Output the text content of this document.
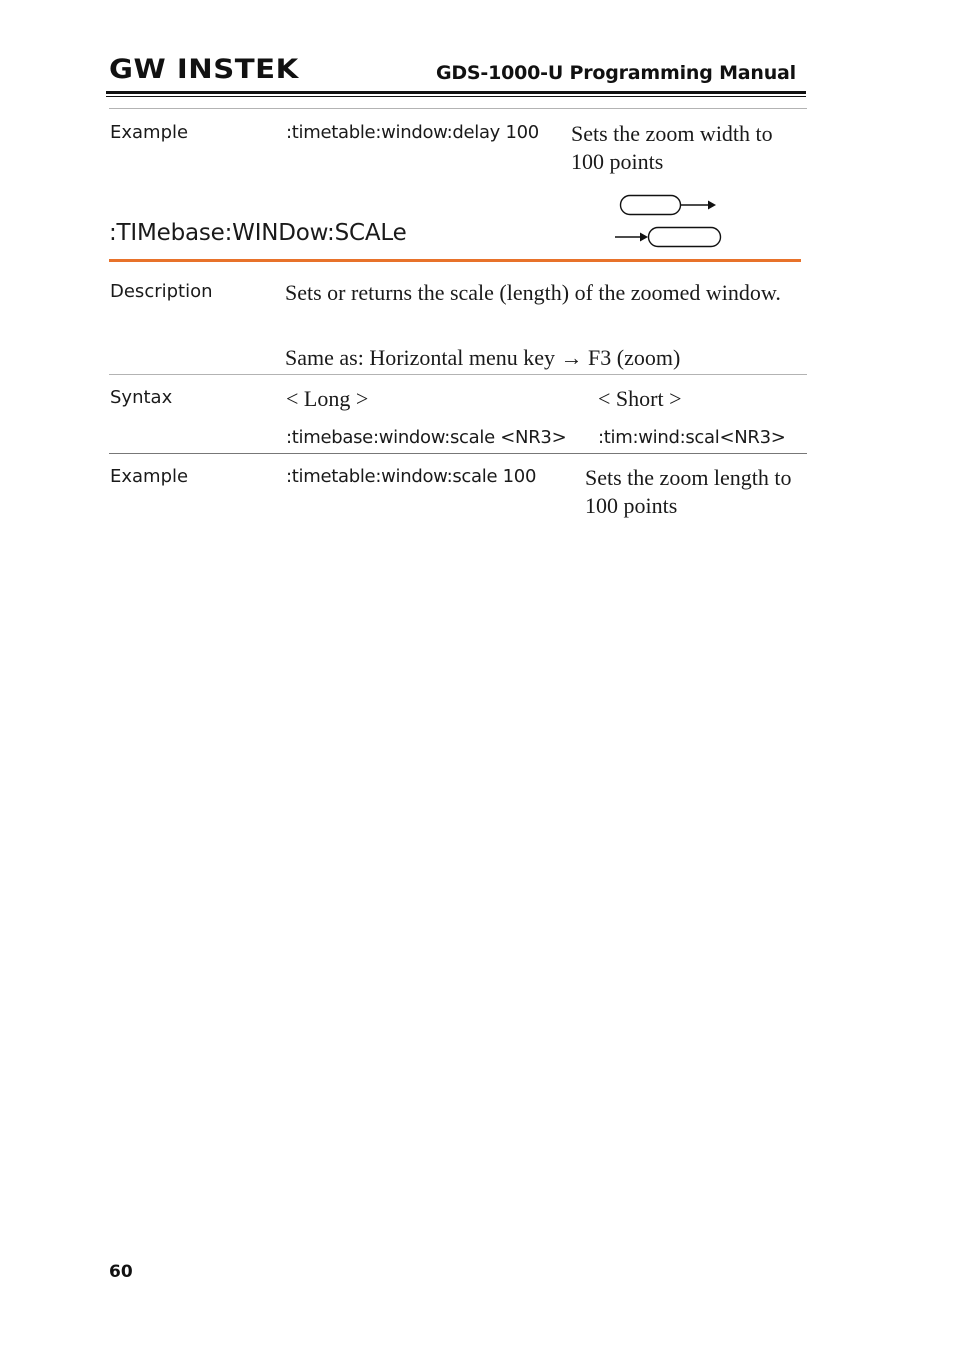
GW INSTEK	GDS-1000-U Programming Manual
Example	:timetable:window:delay 100 Sets the zoom width to 100 points
:TIMebase:WINDow:SCALe
Description	Sets or returns the scale (length) of the zoomed window.
Same as: Horizontal menu key → F3 (zoom)
Syntax	< Long >	< Short >
:timebase:window:scale <NR3> :tim:wind:scal<NR3>
Example	:timetable:window:scale 100 Sets the zoom length to 100 points
60
